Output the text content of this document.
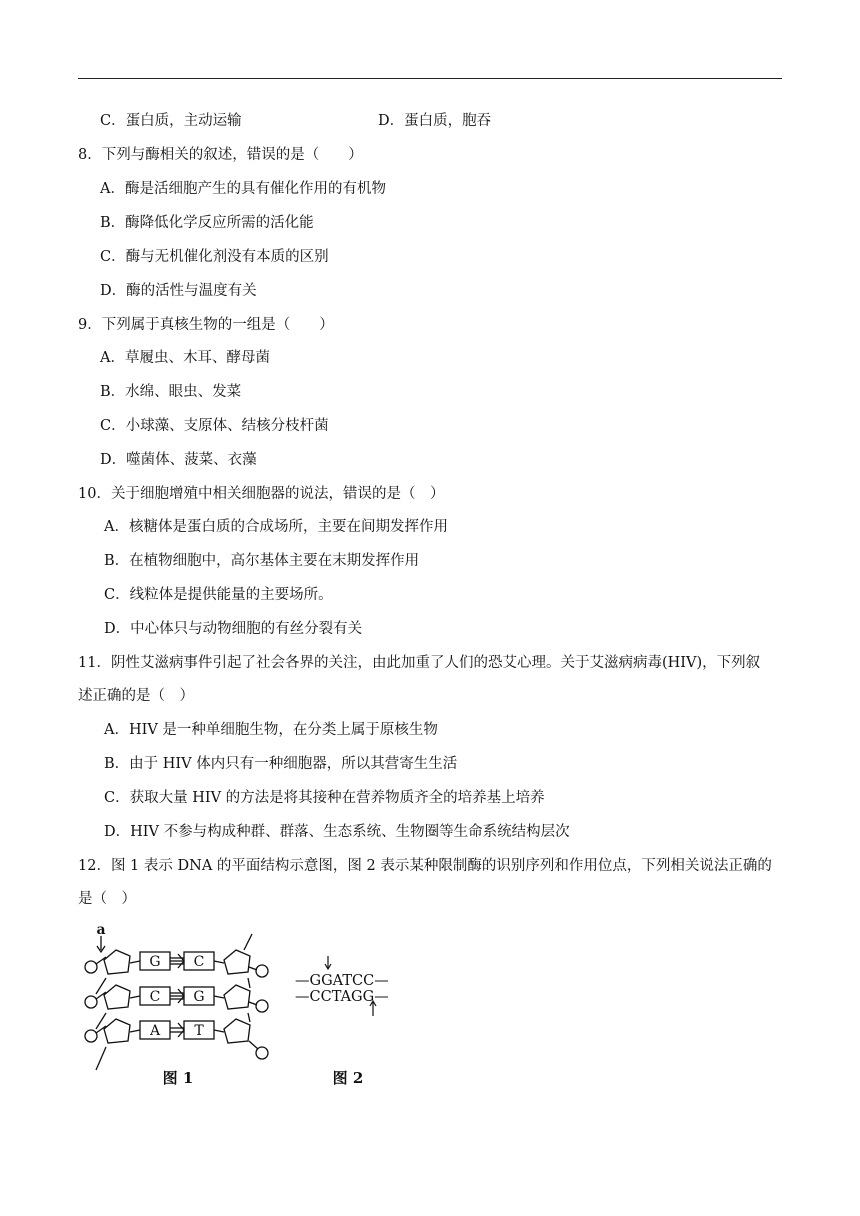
C．蛋白质，主动运输	D．蛋白质，胞吞
8．下列与酶相关的叙述，错误的是（　　）
A．酶是活细胞产生的具有催化作用的有机物
B．酶降低化学反应所需的活化能
C．酶与无机催化剂没有本质的区别
D．酶的活性与温度有关
9．下列属于真核生物的一组是（　　）
A．草履虫、木耳、酵母菌
B．水绵、眼虫、发菜
C．小球藻、支原体、结核分枝杆菌
D．噬菌体、菠菜、衣藻
10．关于细胞增殖中相关细胞器的说法，错误的是（　）
A．核糖体是蛋白质的合成场所，主要在间期发挥作用
B．在植物细胞中，高尔基体主要在末期发挥作用
C．线粒体是提供能量的主要场所。
D．中心体只与动物细胞的有丝分裂有关
11．阴性艾滋病事件引起了社会各界的关注，由此加重了人们的恐艾心理。关于艾滋病病毒(HIV)，下列叙
述正确的是（　）
A．HIV 是一种单细胞生物，在分类上属于原核生物
B．由于 HIV 体内只有一种细胞器，所以其营寄生生活
C．获取大量 HIV 的方法是将其接种在营养物质齐全的培养基上培养
D．HIV 不参与构成种群、群落、生态系统、生物圈等生命系统结构层次
12．图 1 表示 DNA 的平面结构示意图，图 2 表示某种限制酶的识别序列和作用位点，下列相关说法正确的
是（　）
a
G C
C G
A T
图 1
—GGATCC—
—CCTAGG—
图 2
